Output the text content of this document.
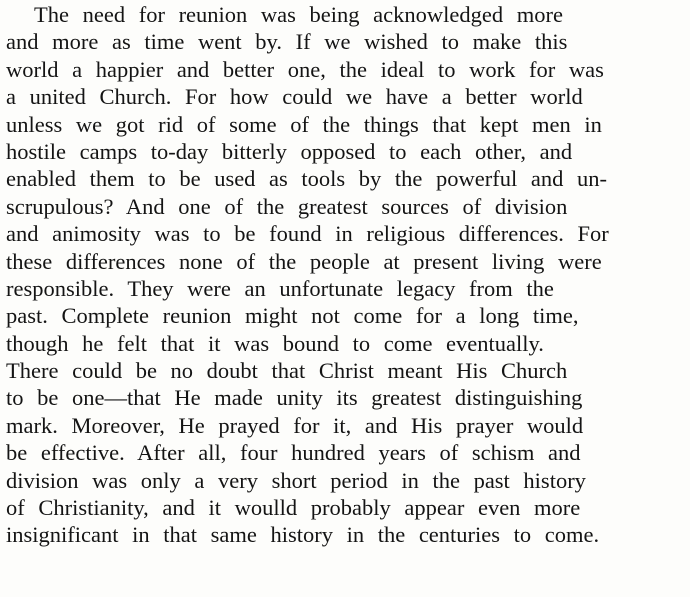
The need for reunion was being acknowledged more
and more as time went by. If we wished to make this
world a happier and better one, the ideal to work for was
a united Church. For how could we have a better world
unless we got rid of some of the things that kept men in
hostile camps to-day bitterly opposed to each other, and
enabled them to be used as tools by the powerful and un-
scrupulous? And one of the greatest sources of division
and animosity was to be found in religious differences. For
these differences none of the people at present living were
responsible. They were an unfortunate legacy from the
past. Complete reunion might not come for a long time,
though he felt that it was bound to come eventually.
There could be no doubt that Christ meant His Church
to be one—that He made unity its greatest distinguishing
mark. Moreover, He prayed for it, and His prayer would
be effective. After all, four hundred years of schism and
division was only a very short period in the past history
of Christianity, and it woulld probably appear even more
insignificant in that same history in the centuries to come.
